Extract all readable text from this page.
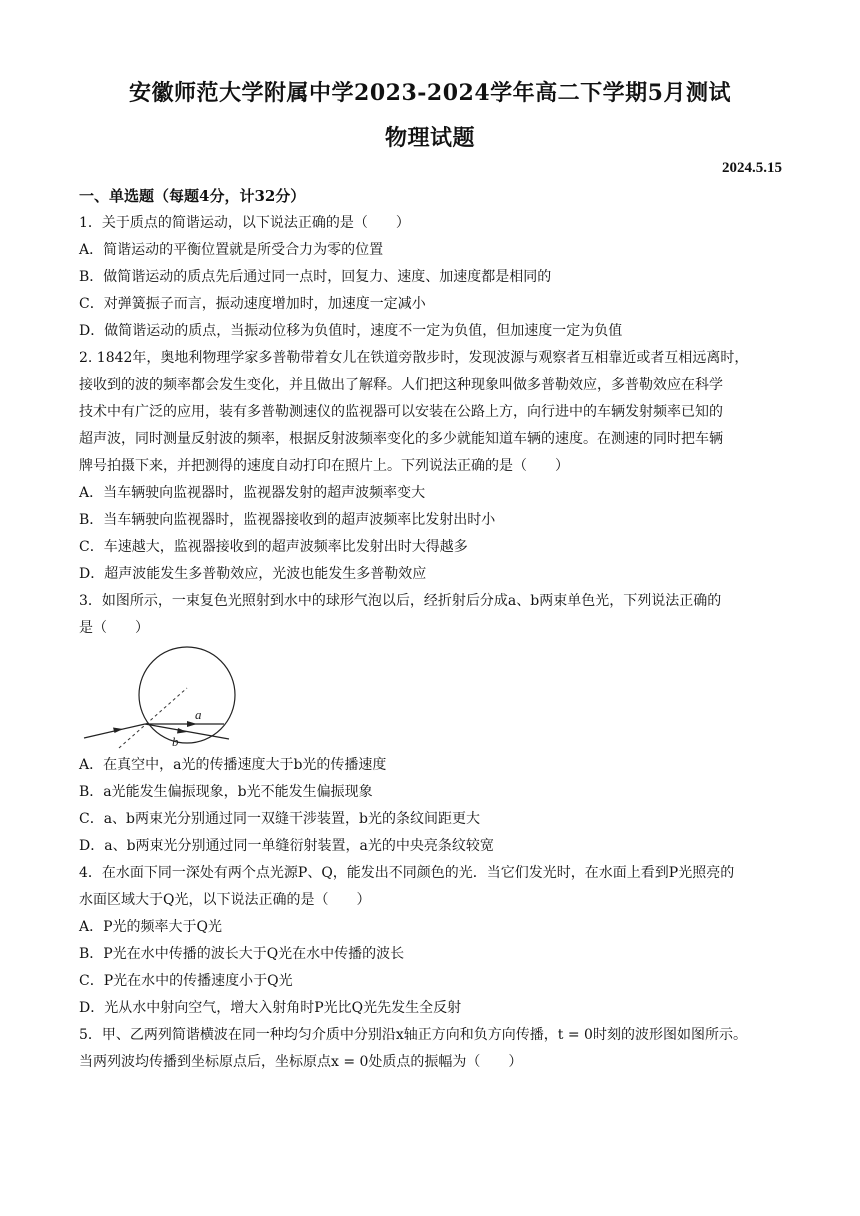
安徽师范大学附属中学2023-2024学年高二下学期5月测试
物理试题
2024.5.15
一、单选题（每题4分，计32分）
1．关于质点的简谐运动，以下说法正确的是（　　）
A．简谐运动的平衡位置就是所受合力为零的位置
B．做简谐运动的质点先后通过同一点时，回复力、速度、加速度都是相同的
C．对弹簧振子而言，振动速度增加时，加速度一定减小
D．做简谐运动的质点，当振动位移为负值时，速度不一定为负值，但加速度一定为负值
2. 1842年，奥地利物理学家多普勒带着女儿在铁道旁散步时，发现波源与观察者互相靠近或者互相远离时，
接收到的波的频率都会发生变化，并且做出了解释。人们把这种现象叫做多普勒效应，多普勒效应在科学
技术中有广泛的应用，装有多普勒测速仪的监视器可以安装在公路上方，向行进中的车辆发射频率已知的
超声波，同时测量反射波的频率，根据反射波频率变化的多少就能知道车辆的速度。在测速的同时把车辆
牌号拍摄下来，并把测得的速度自动打印在照片上。下列说法正确的是（　　）
A．当车辆驶向监视器时，监视器发射的超声波频率变大
B．当车辆驶向监视器时，监视器接收到的超声波频率比发射出时小
C．车速越大，监视器接收到的超声波频率比发射出时大得越多
D．超声波能发生多普勒效应，光波也能发生多普勒效应
3．如图所示，一束复色光照射到水中的球形气泡以后，经折射后分成a、b两束单色光，下列说法正确的
是（　　）
a
b
A．在真空中，a光的传播速度大于b光的传播速度
B．a光能发生偏振现象，b光不能发生偏振现象
C．a、b两束光分别通过同一双缝干涉装置，b光的条纹间距更大
D．a、b两束光分别通过同一单缝衍射装置，a光的中央亮条纹较宽
4．在水面下同一深处有两个点光源P、Q，能发出不同颜色的光．当它们发光时，在水面上看到P光照亮的
水面区域大于Q光，以下说法正确的是（　　）
A．P光的频率大于Q光
B．P光在水中传播的波长大于Q光在水中传播的波长
C．P光在水中的传播速度小于Q光
D．光从水中射向空气，增大入射角时P光比Q光先发生全反射
5．甲、乙两列简谐横波在同一种均匀介质中分别沿x轴正方向和负方向传播，t = 0时刻的波形图如图所示。
当两列波均传播到坐标原点后，坐标原点x = 0处质点的振幅为（　　）
